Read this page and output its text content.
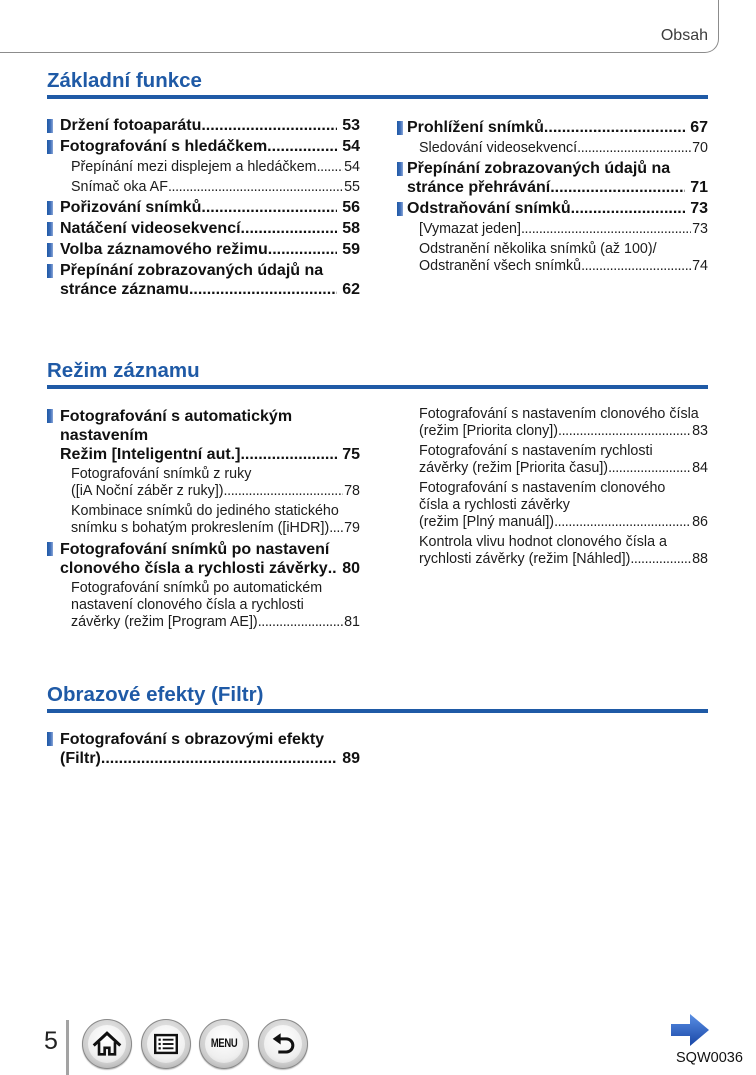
Obsah
Základní funkce
Držení fotoaparátu .....	53
Fotografování s hledáčkem .....	54
Přepínání mezi displejem a hledáčkem ..... 54
Snímač oka AF .....	55
Pořizování snímků .....	56
Natáčení videosekvencí .....	58
Volba záznamového režimu .....	59
Přepínání zobrazovaných údajů na
stránce záznamu .....	62
Prohlížení snímků .....	67
Sledování videosekvencí .....	70
Přepínání zobrazovaných údajů na
stránce přehrávání .....	71
Odstraňování snímků .....	73
[Vymazat jeden] .....	73
Odstranění několika snímků (až 100)/
Odstranění všech snímků .....	74
Režim záznamu
Fotografování s automatickým
nastavením
Režim [Inteligentní aut.] .....	75
Fotografování snímků z ruky
([iA Noční záběr z ruky]) .....	78
Kombinace snímků do jediného statického
snímku s bohatým prokreslením ([iHDR]) ..... 79
Fotografování snímků po nastavení
clonového čísla a rychlosti závěrky ..... 80
Fotografování snímků po automatickém
nastavení clonového čísla a rychlosti
závěrky (režim [Program AE]) .....	81
Fotografování s nastavením clonového čísla
(režim [Priorita clony]) .....	83
Fotografování s nastavením rychlosti
závěrky (režim [Priorita času]) .....	84
Fotografování s nastavením clonového
čísla a rychlosti závěrky
(režim [Plný manuál]) .....	86
Kontrola vlivu hodnot clonového čísla a
rychlosti závěrky (režim [Náhled]) .....	88
Obrazové efekty (Filtr)
Fotografování s obrazovými efekty
(Filtr) .....	89
5	MENU
SQW0036
